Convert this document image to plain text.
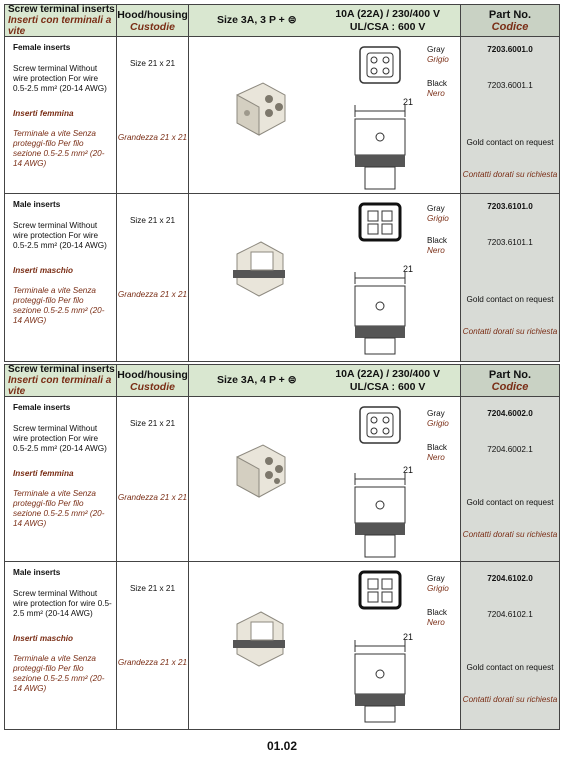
Screw terminal inserts
Inserti con terminali a vite
Hood/housing
Custodie
Size 3A, 3 P + ⊜	10A (22A) / 230/400 V
UL/CSA : 600 V
Part No.
Codice
Female inserts
Screw terminal Without wire protection For wire 0.5-2.5 mm² (20-14 AWG)
Inserti femmina
Terminale a vite Senza proteggi-filo Per filo sezione 0.5-2.5 mm² (20-14 AWG)
Size 21 x 21
Grandezza 21 x 21
21
Gray
Grigio
Black
Nero
7203.6001.0
7203.6001.1
Gold contact on request
Contatti dorati su richiesta
Male inserts
Screw terminal Without wire protection For wire 0.5-2.5 mm² (20-14 AWG)
Inserti maschio
Terminale a vite Senza proteggi-filo Per filo sezione 0.5-2.5 mm² (20-14 AWG)
Size 21 x 21
Grandezza 21 x 21
21
Gray
Grigio
Black
Nero
7203.6101.0
7203.6101.1
Gold contact on request
Contatti dorati su richiesta
Screw terminal inserts
Inserti con terminali a vite
Hood/housing
Custodie
Size 3A, 4 P + ⊜	10A (22A) / 230/400 V
UL/CSA : 600 V
Part No.
Codice
Female inserts
Screw terminal Without wire protection For wire 0.5-2.5 mm² (20-14 AWG)
Inserti femmina
Terminale a vite Senza proteggi-filo Per filo sezione 0.5-2.5 mm² (20-14 AWG)
Size 21 x 21
Grandezza 21 x 21
21
Gray
Grigio
Black
Nero
7204.6002.0
7204.6002.1
Gold contact on request
Contatti dorati su richiesta
Male inserts
Screw terminal Without wire protection for wire 0.5-2.5 mm² (20-14 AWG)
Inserti maschio
Terminale a vite Senza proteggi-filo Per filo sezione 0.5-2.5 mm² (20-14 AWG)
Size 21 x 21
Grandezza 21 x 21
21
Gray
Grigio
Black
Nero
7204.6102.0
7204.6102.1
Gold contact on request
Contatti dorati su richiesta
01.02
